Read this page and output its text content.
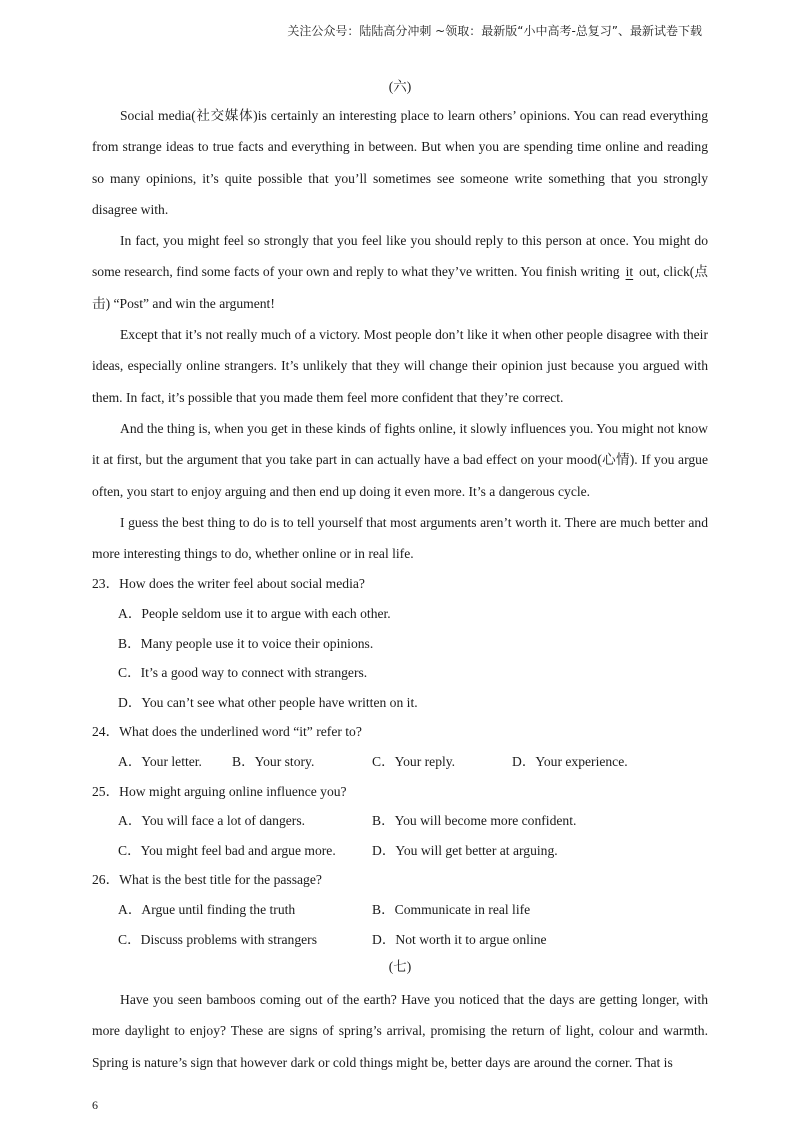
关注公众号：陆陆高分冲刺 ~领取：最新版“小中高考-总复习”、最新试卷下载
(六)

Social media(社交媒体)is certainly an interesting place to learn others’ opinions. You can read everything from strange ideas to true facts and everything in between. But when you are spending time online and reading so many opinions, it’s quite possible that you’ll sometimes see someone write something that you strongly disagree with.

In fact, you might feel so strongly that you feel like you should reply to this person at once. You might do some research, find some facts of your own and reply to what they’ve written. You finish writing it out, click(点击) “Post” and win the argument!

Except that it’s not really much of a victory. Most people don’t like it when other people disagree with their ideas, especially online strangers. It’s unlikely that they will change their opinion just because you argued with them. In fact, it’s possible that you made them feel more confident that they’re correct.

And the thing is, when you get in these kinds of fights online, it slowly influences you. You might not know it at first, but the argument that you take part in can actually have a bad effect on your mood(心情). If you argue often, you start to enjoy arguing and then end up doing it even more. It’s a dangerous cycle.

I guess the best thing to do is to tell yourself that most arguments aren’t worth it. There are much better and more interesting things to do, whether online or in real life.

23．How does the writer feel about social media?

A．People seldom use it to argue with each other.

B．Many people use it to voice their opinions.

C．It’s a good way to connect with strangers.

D．You can’t see what other people have written on it.

24．What does the underlined word “it” refer to?

A．Your letter.	B．Your story.	C．Your reply.	D．Your experience.

25．How might arguing online influence you?

A．You will face a lot of dangers.	B．You will become more confident.
C．You might feel bad and argue more.	D．You will get better at arguing.

26．What is the best title for the passage?

A．Argue until finding the truth	B．Communicate in real life
C．Discuss problems with strangers	D．Not worth it to argue online
(七)

Have you seen bamboos coming out of the earth? Have you noticed that the days are getting longer, with more daylight to enjoy? These are signs of spring’s arrival, promising the return of light, colour and warmth. Spring is nature’s sign that however dark or cold things might be, better days are around the corner. That is

6
